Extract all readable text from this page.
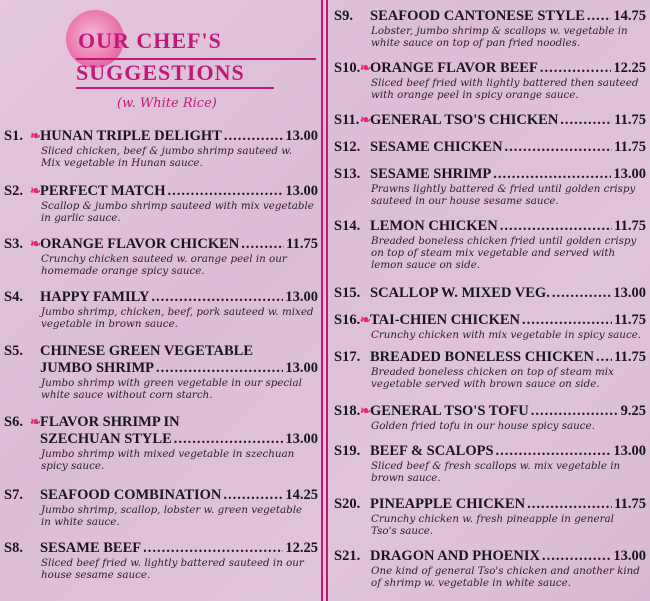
OUR CHEF'S
SUGGESTIONS
(w. White Rice)
S1. ❧ HUNAN TRIPLE DELIGHT .....	13.00
Sliced chicken, beef & jumbo shrimp sauteed w. Mix vegetable in Hunan sauce.
S2. ❧ PERFECT MATCH .....	13.00
Scallop & jumbo shrimp sauteed with mix vegetable in garlic sauce.
S3. ❧ ORANGE FLAVOR CHICKEN .....	11.75
Crunchy chicken sauteed w. orange peel in our homemade orange spicy sauce.
S4.	HAPPY FAMILY .....	13.00
Jumbo shrimp, chicken, beef, pork sauteed w. mixed vegetable in brown sauce.
S5.	CHINESE GREEN VEGETABLE
JUMBO SHRIMP .....	13.00
Jumbo shrimp with green vegetable in our special white sauce without corn starch.
S6. ❧ FLAVOR SHRIMP IN
SZECHUAN STYLE .....	13.00
Jumbo shrimp with mixed vegetable in szechuan spicy sauce.
S7.	SEAFOOD COMBINATION .....	14.25
Jumbo shrimp, scallop, lobster w. green vegetable in white sauce.
S8.	SESAME BEEF .....	12.25
Sliced beef fried w. lightly battered sauteed in our house sesame sauce.
S9.	SEAFOOD CANTONESE STYLE ..... 14.75
Lobster, jumbo shrimp & scallops w. vegetable in white sauce on top of pan fried noodles.
S10. ❧ ORANGE FLAVOR BEEF .....	12.25
Sliced beef fried with lightly battered then sauteed with orange peel in spicy orange sauce.
S11. ❧ GENERAL TSO'S CHICKEN .....	11.75
S12. SESAME CHICKEN .....	11.75
S13. SESAME SHRIMP .....	13.00
Prawns lightly battered & fried until golden crispy sauteed in our house sesame sauce.
S14. LEMON CHICKEN .....	11.75
Breaded boneless chicken fried until golden crispy on top of steam mix vegetable and served with lemon sauce on side.
S15. SCALLOP W. MIXED VEG. .....	13.00
S16. ❧ TAI-CHIEN CHICKEN .....	11.75
Crunchy chicken with mix vegetable in spicy sauce.
S17. BREADED BONELESS CHICKEN ..... 11.75
Breaded boneless chicken on top of steam mix vegetable served with brown sauce on side.
S18. ❧ GENERAL TSO'S TOFU .....	9.25
Golden fried tofu in our house spicy sauce.
S19. BEEF & SCALOPS .....	13.00
Sliced beef & fresh scallops w. mix vegetable in brown sauce.
S20. PINEAPPLE CHICKEN .....	11.75
Crunchy chicken w. fresh pineapple in general Tso's sauce.
S21. DRAGON AND PHOENIX .....	13.00
One kind of general Tso's chicken and another kind of shrimp w. vegetable in white sauce.
